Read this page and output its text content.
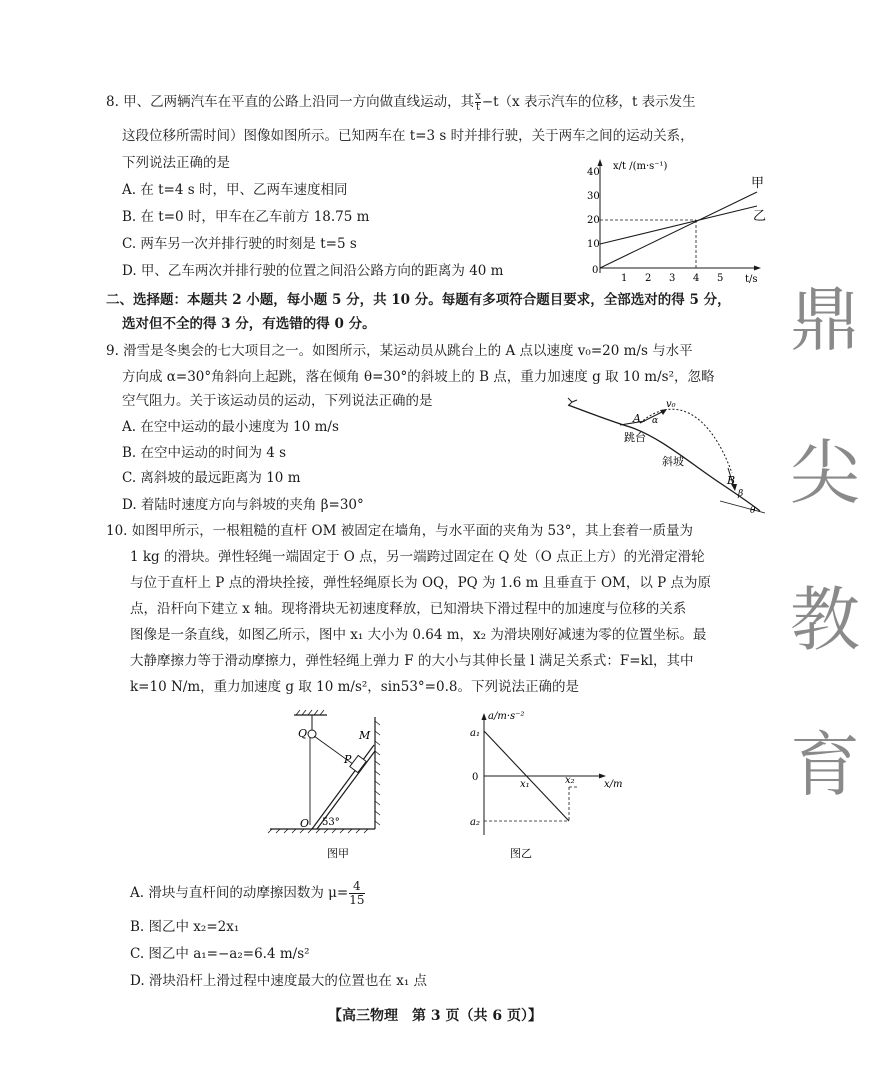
8. 甲、乙两辆汽车在平直的公路上沿同一方向做直线运动，其 $\frac{x}{t} -t(x$ 表示汽车的位移，t 表示发生
这段位移所需时间）图像如图所示。已知两车在 t=3 s 时并排行驶，关于两车之间的运动关系，
下列说法正确的是
A. 在 t=4 s 时，甲、乙两车速度相同
B. 在 t=0 时，甲车在乙车前方 18.75 m
C. 两车另一次并排行驶的时刻是 t=5 s
D. 甲、乙车两次并排行驶的位置之间沿公路方向的距离为 40 m
x/t /(m·s⁻¹)
40
30
20
10
0
1 2 3 4 5 t/s
甲
乙
二、选择题：本题共 2 小题，每小题 5 分，共 10 分。每题有多项符合题目要求，全部选对的得 5 分，
选对但不全的得 3 分，有选错的得 0 分。
9. 滑雪是冬奥会的七大项目之一。如图所示，某运动员从跳台上的 A 点以速度 v₀=20 m/s 与水平
方向成 α=30°角斜向上起跳，落在倾角 θ=30°的斜坡上的 B 点，重力加速度 g 取 10 m/s²，忽略
空气阻力。关于该运动员的运动，下列说法正确的是
A. 在空中运动的最小速度为 10 m/s
B. 在空中运动的时间为 4 s
C. 离斜坡的最远距离为 10 m
D. 着陆时速度方向与斜坡的夹角 β=30°
A α
v₀
跳台
斜坡
B
β
θ
10. 如图甲所示，一根粗糙的直杆 OM 被固定在墙角，与水平面的夹角为 53°，其上套着一质量为
1 kg 的滑块。弹性轻绳一端固定于 O 点，另一端跨过固定在 Q 处（O 点正上方）的光滑定滑轮
与位于直杆上 P 点的滑块拴接，弹性轻绳原长为 OQ，PQ 为 1.6 m 且垂直于 OM，以 P 点为原
点，沿杆向下建立 x 轴。现将滑块无初速度释放，已知滑块下滑过程中的加速度与位移的关系
图像是一条直线，如图乙所示，图中 x₁ 大小为 0.64 m，x₂ 为滑块刚好减速为零的位置坐标。最
大静摩擦力等于滑动摩擦力，弹性轻绳上弹力 F 的大小与其伸长量 l 满足关系式：F=kl，其中
k=10 N/m，重力加速度 g 取 10 m/s²，sin53°=0.8。下列说法正确的是
Q	M
P
O 53°
图甲
a/m·s⁻²
a₁
0
a₂
x₁	x₂	x/m
图乙
A. 滑块与直杆间的动摩擦因数为 $\mu= \frac{4}{15}$
B. 图乙中 x₂=2x₁
C. 图乙中 a₁=−a₂=6.4 m/s²
D. 滑块沿杆上滑过程中速度最大的位置也在 x₁ 点
鼎
尖
教
育
【高三物理　第 3 页（共 6 页）】
